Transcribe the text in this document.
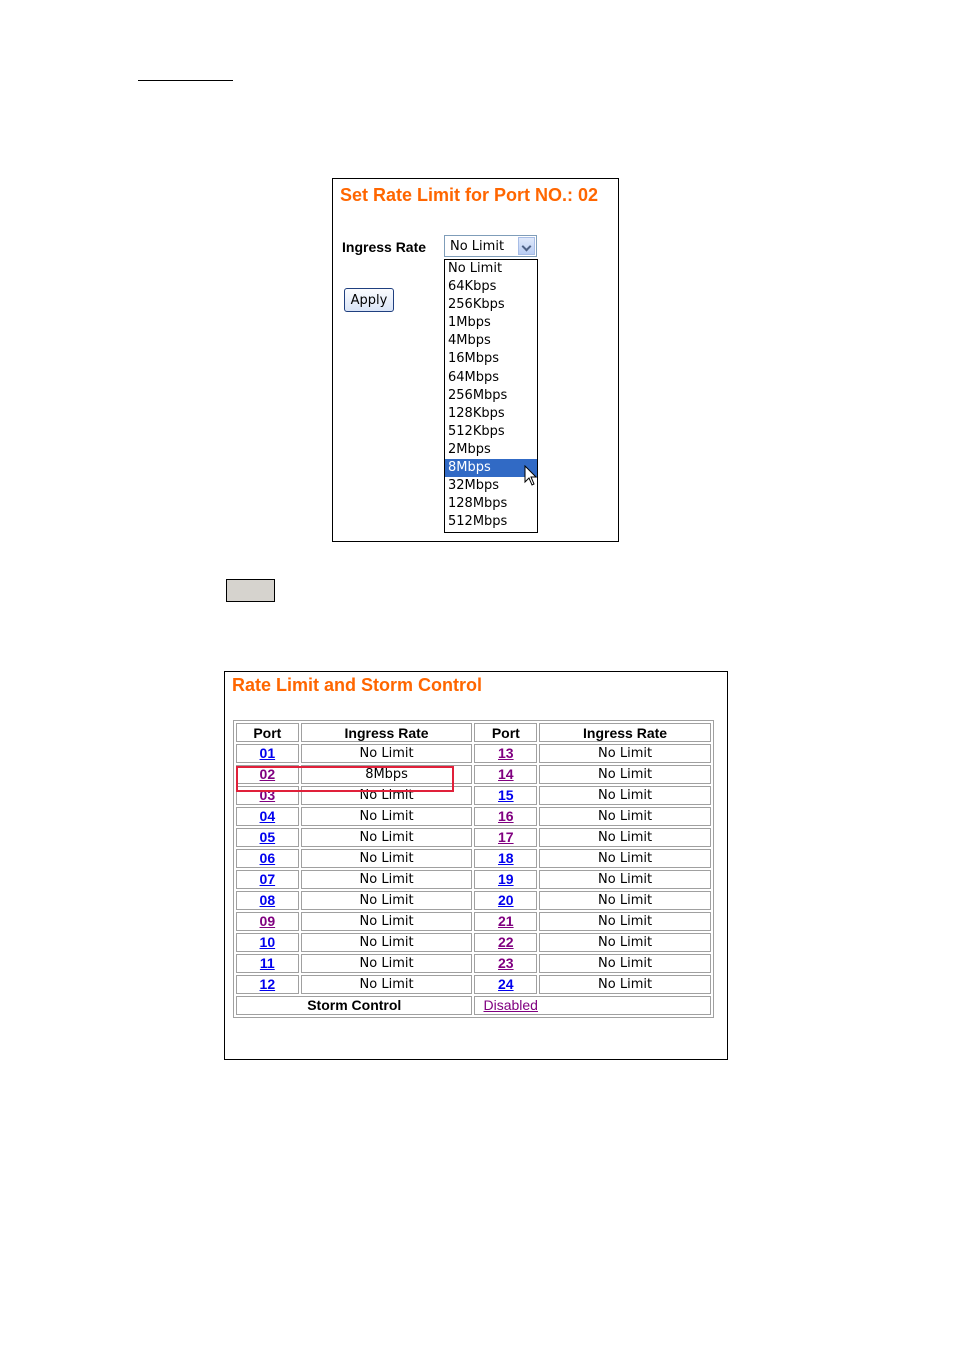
Set Rate Limit for Port NO.: 02
Ingress Rate No Limit
Apply
No Limit
64Kbps
256Kbps
1Mbps
4Mbps
16Mbps
64Mbps
256Mbps
128Kbps
512Kbps
2Mbps
8Mbps
32Mbps
128Mbps
512Mbps
Rate Limit and Storm Control
Port	Ingress Rate	Port	Ingress Rate
01	No Limit	13	No Limit
02	8Mbps	14	No Limit
03	No Limit	15	No Limit
04	No Limit	16	No Limit
05	No Limit	17	No Limit
06	No Limit	18	No Limit
07	No Limit	19	No Limit
08	No Limit	20	No Limit
09	No Limit	21	No Limit
10	No Limit	22	No Limit
11	No Limit	23	No Limit
12	No Limit	24	No Limit
Storm Control		Disabled	
